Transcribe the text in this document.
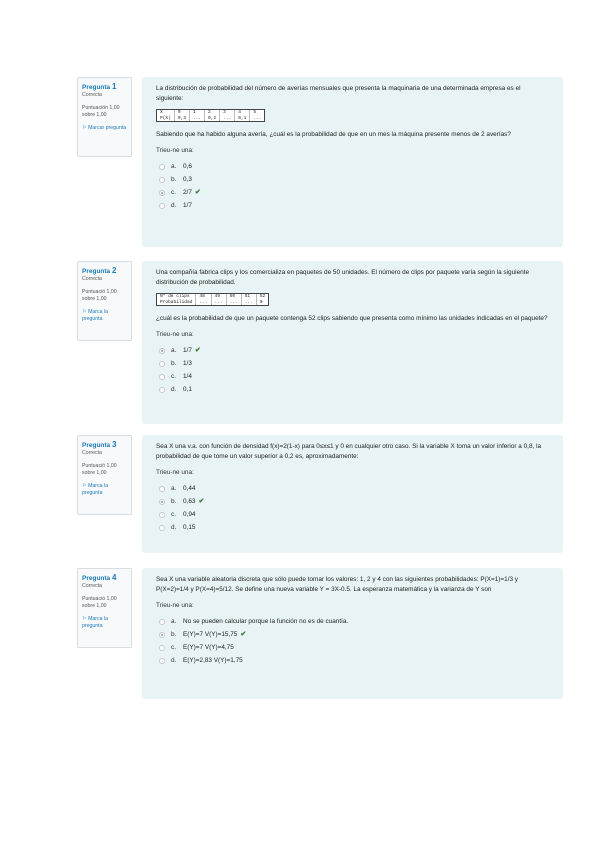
Pregunta 1
Correcta
Puntuación 1,00
sobre 1,00
⚐ Marcar pregunta
La distribución de probabilidad del número de averías mensuales que presenta la maquinaria de una determinada empresa es el siguiente:
X	0	1	2	3	4	5
P(X)	0,3	...	0,2	...	0,1	...
Sabiendo que ha habido alguna avería, ¿cuál es la probabilidad de que en un mes la máquina presente menos de 2 averías?
Trieu-ne una:
a.	0,6
b.	0,3
c.	2/7 ✔
d.	1/7
Pregunta 2
Correcta
Puntuació 1,00
sobre 1,00
⚐ Marca la pregunta
Una compañía fabrica clips y los comercializa en paquetes de 50 unidades. El número de clips por paquete varía según la siguiente distribución de probabilidad.
Nº de clips	48	49	50	51	52
Probabilidad	...	...	...	...	0
¿cuál es la probabilidad de que un paquete contenga 52 clips sabiendo que presenta como mínimo las unidades indicadas en el paquete?
Trieu-ne una:
a.	1/7 ✔
b.	1/3
c.	1/4
d.	0,1
Pregunta 3
Correcta
Puntuació 1,00
sobre 1,00
⚐ Marca la pregunta
Sea X una v.a. con función de densidad f(x)=2(1-x) para 0≤x≤1 y 0 en cualquier otro caso. Si la variable X toma un valor inferior a 0,8, la probabilidad de que tome un valor superior a 0,2 es, aproximadamente:
Trieu-ne una:
a.	0,44
b.	0,63 ✔
c.	0,94
d.	0,15
Pregunta 4
Correcta
Puntuació 1,00
sobre 1,00
⚐ Marca la pregunta
Sea X una variable aleatoria discreta que sólo puede tomar los valores: 1, 2 y 4 con las siguientes probabilidades: P(X=1)=1/3 y P(X=2)=1/4 y P(X=4)=5/12. Se define una nueva variable Y = 3X-0.5. La esperanza matemática y la varianza de Y son
Trieu-ne una:
a.	No se pueden calcular porque la función no es de cuantía.
b.	E(Y)=7 V(Y)=15,75 ✔
c.	E(Y)=7 V(Y)=4,75
d.	E(Y)=2,83 V(Y)=1,75
